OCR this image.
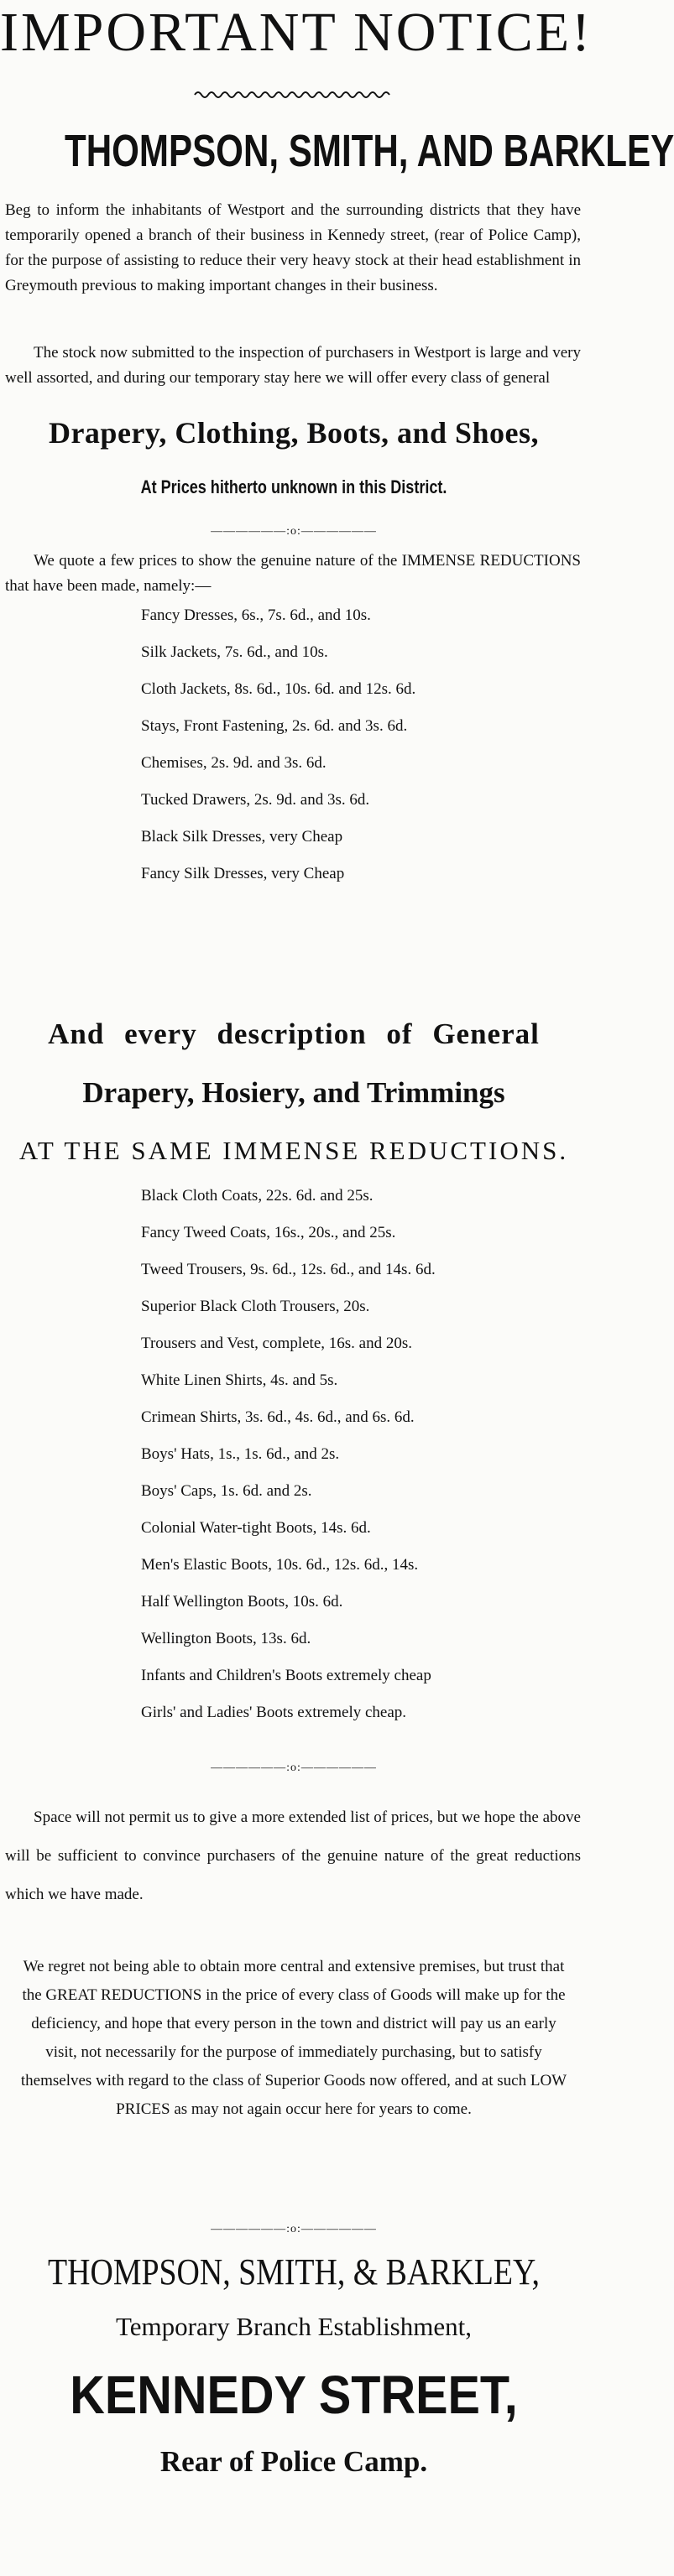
IMPORTANT NOTICE!
THOMPSON, SMITH, AND BARKLEY
Beg to inform the inhabitants of Westport and the surrounding districts that they have temporarily opened a branch of their business in Kennedy street, (rear of Police Camp), for the purpose of assisting to reduce their very heavy stock at their head establishment in Greymouth previous to making important changes in their business.
The stock now submitted to the inspection of purchasers in Westport is large and very well assorted, and during our temporary stay here we will offer every class of general
Drapery, Clothing, Boots, and Shoes,
At Prices hitherto unknown in this District.
——————:o:——————
We quote a few prices to show the genuine nature of the IMMENSE REDUCTIONS that have been made, namely:—
Fancy Dresses, 6s., 7s. 6d., and 10s.
Silk Jackets, 7s. 6d., and 10s.
Cloth Jackets, 8s. 6d., 10s. 6d. and 12s. 6d.
Stays, Front Fastening, 2s. 6d. and 3s. 6d.
Chemises, 2s. 9d. and 3s. 6d.
Tucked Drawers, 2s. 9d. and 3s. 6d.
Black Silk Dresses, very Cheap
Fancy Silk Dresses, very Cheap
And every description of General
Drapery, Hosiery, and Trimmings
AT THE SAME IMMENSE REDUCTIONS.
Black Cloth Coats, 22s. 6d. and 25s.
Fancy Tweed Coats, 16s., 20s., and 25s.
Tweed Trousers, 9s. 6d., 12s. 6d., and 14s. 6d.
Superior Black Cloth Trousers, 20s.
Trousers and Vest, complete, 16s. and 20s.
White Linen Shirts, 4s. and 5s.
Crimean Shirts, 3s. 6d., 4s. 6d., and 6s. 6d.
Boys' Hats, 1s., 1s. 6d., and 2s.
Boys' Caps, 1s. 6d. and 2s.
Colonial Water-tight Boots, 14s. 6d.
Men's Elastic Boots, 10s. 6d., 12s. 6d., 14s.
Half Wellington Boots, 10s. 6d.
Wellington Boots, 13s. 6d.
Infants and Children's Boots extremely cheap
Girls' and Ladies' Boots extremely cheap.
——————:o:——————
Space will not permit us to give a more extended list of prices, but we hope the above will be sufficient to convince purchasers of the genuine nature of the great reductions which we have made.
We regret not being able to obtain more central and extensive premises, but trust that the GREAT REDUCTIONS in the price of every class of Goods will make up for the deficiency, and hope that every person in the town and district will pay us an early visit, not necessarily for the purpose of immediately purchasing, but to satisfy themselves with regard to the class of Superior Goods now offered, and at such LOW PRICES as may not again occur here for years to come.
——————:o:——————
THOMPSON, SMITH, & BARKLEY,
Temporary Branch Establishment,
KENNEDY STREET,
Rear of Police Camp.
